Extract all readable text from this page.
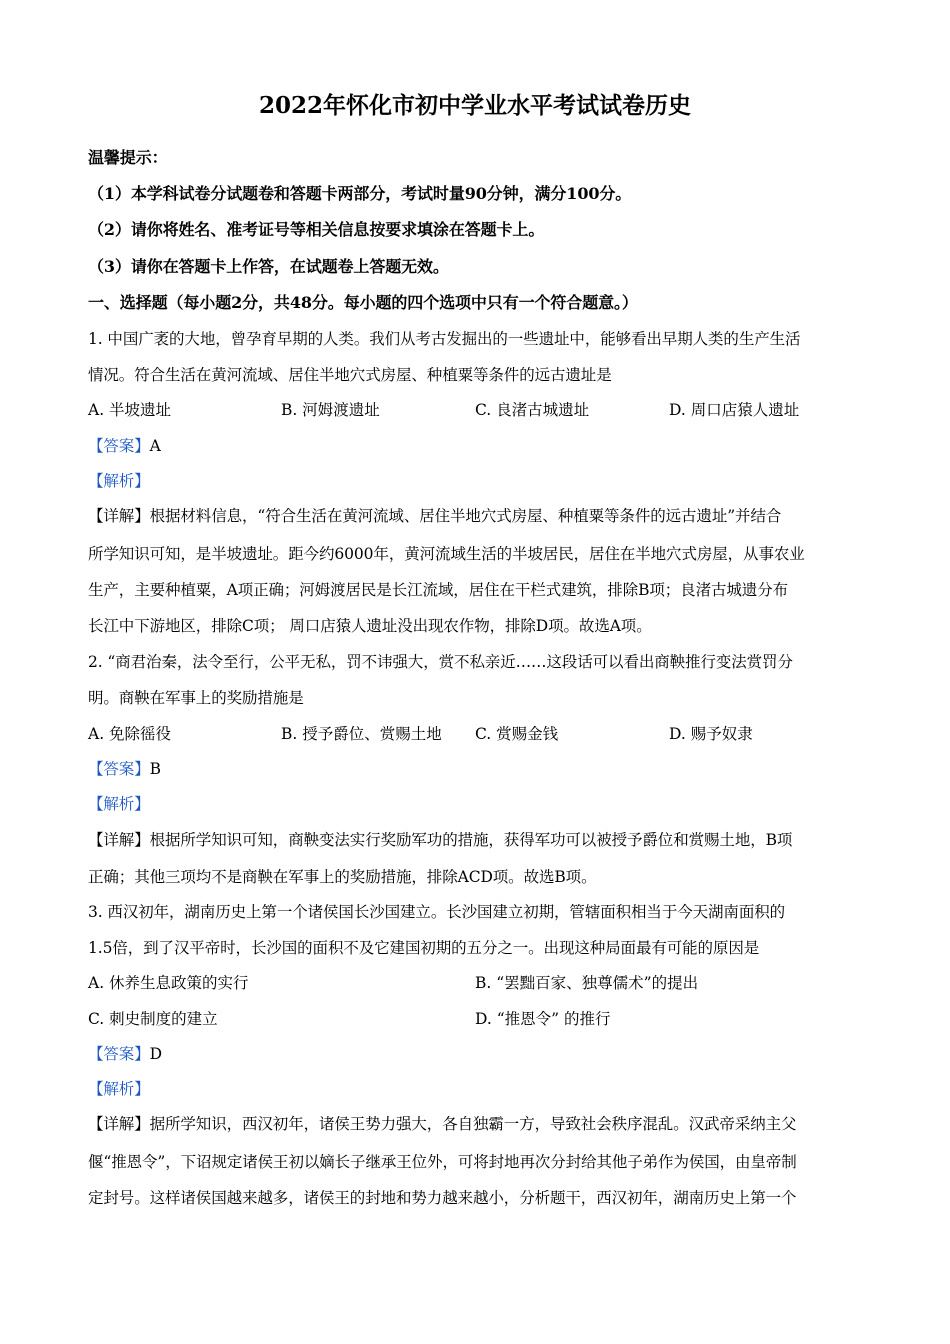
2022年怀化市初中学业水平考试试卷历史
温馨提示：
（1）本学科试卷分试题卷和答题卡两部分，考试时量90分钟，满分100分。
（2）请你将姓名、准考证号等相关信息按要求填涂在答题卡上。
（3）请你在答题卡上作答，在试题卷上答题无效。
一、选择题（每小题2分，共48分。每小题的四个选项中只有一个符合题意。）
1. 中国广袤的大地，曾孕育早期的人类。我们从考古发掘出的一些遗址中，能够看出早期人类的生产生活
情况。符合生活在黄河流域、居住半地穴式房屋、种植粟等条件的远古遗址是
A. 半坡遗址	B. 河姆渡遗址	C. 良渚古城遗址	D. 周口店猿人遗址
【答案】A
【解析】
【详解】根据材料信息，“符合生活在黄河流域、居住半地穴式房屋、种植粟等条件的远古遗址”并结合
所学知识可知，是半坡遗址。距今约6000年，黄河流域生活的半坡居民，居住在半地穴式房屋，从事农业
生产，主要种植粟，A项正确；河姆渡居民是长江流域，居住在干栏式建筑，排除B项；良渚古城遗分布
长江中下游地区，排除C项； 周口店猿人遗址没出现农作物，排除D项。故选A项。
2. “商君治秦，法令至行，公平无私，罚不讳强大，赏不私亲近……这段话可以看出商鞅推行变法赏罚分
明。商鞅在军事上的奖励措施是
A. 免除徭役	B. 授予爵位、赏赐土地 C. 赏赐金钱	D. 赐予奴隶
【答案】B
【解析】
【详解】根据所学知识可知，商鞅变法实行奖励军功的措施，获得军功可以被授予爵位和赏赐土地，B项
正确；其他三项均不是商鞅在军事上的奖励措施，排除ACD项。故选B项。
3. 西汉初年，湖南历史上第一个诸侯国长沙国建立。长沙国建立初期，管辖面积相当于今天湖南面积的
1.5倍，到了汉平帝时，长沙国的面积不及它建国初期的五分之一。出现这种局面最有可能的原因是
A. 休养生息政策的实行	B. “罢黜百家、独尊儒术”的提出
C. 刺史制度的建立	D. “推恩令” 的推行
【答案】D
【解析】
【详解】据所学知识，西汉初年，诸侯王势力强大，各自独霸一方，导致社会秩序混乱。汉武帝采纳主父
偃“推恩令”，下诏规定诸侯王初以嫡长子继承王位外，可将封地再次分封给其他子弟作为侯国，由皇帝制
定封号。这样诸侯国越来越多，诸侯王的封地和势力越来越小，分析题干，西汉初年，湖南历史上第一个
